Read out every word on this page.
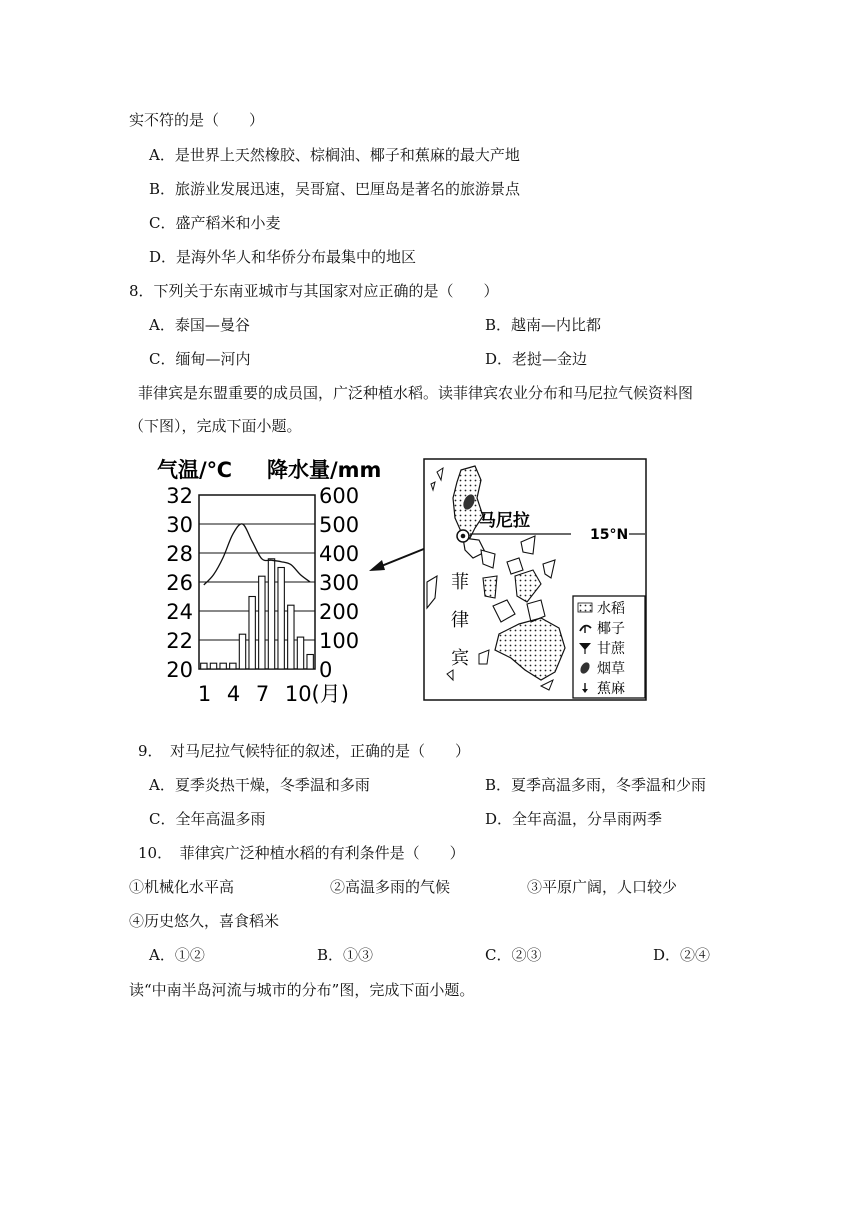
实不符的是（　　）
A．是世界上天然橡胶、棕榈油、椰子和蕉麻的最大产地
B．旅游业发展迅速，吴哥窟、巴厘岛是著名的旅游景点
C．盛产稻米和小麦
D．是海外华人和华侨分布最集中的地区
8．下列关于东南亚城市与其国家对应正确的是（　　）
A．泰国—曼谷	B．越南—内比都
C．缅甸—河内	D．老挝—金边
菲律宾是东盟重要的成员国，广泛种植水稻。读菲律宾农业分布和马尼拉气候资料图
（下图），完成下面小题。
气温/℃ 降水量/mm
32
30
28
26
24
22
20
600
500
400
300
200
100
0
1 4 7 10(月)
马尼拉
15°N
菲
律
宾
水稻
椰子
甘蔗
烟草
蕉麻
9．　对马尼拉气候特征的叙述，正确的是（　　）
A．夏季炎热干燥，冬季温和多雨	B．夏季高温多雨，冬季温和少雨
C．全年高温多雨	D．全年高温，分旱雨两季
10．　菲律宾广泛种植水稻的有利条件是（　　）
①机械化水平高	②高温多雨的气候	③平原广阔，人口较少
④历史悠久，喜食稻米
A．①②	B．①③	C．②③	D．②④
读“中南半岛河流与城市的分布”图，完成下面小题。
